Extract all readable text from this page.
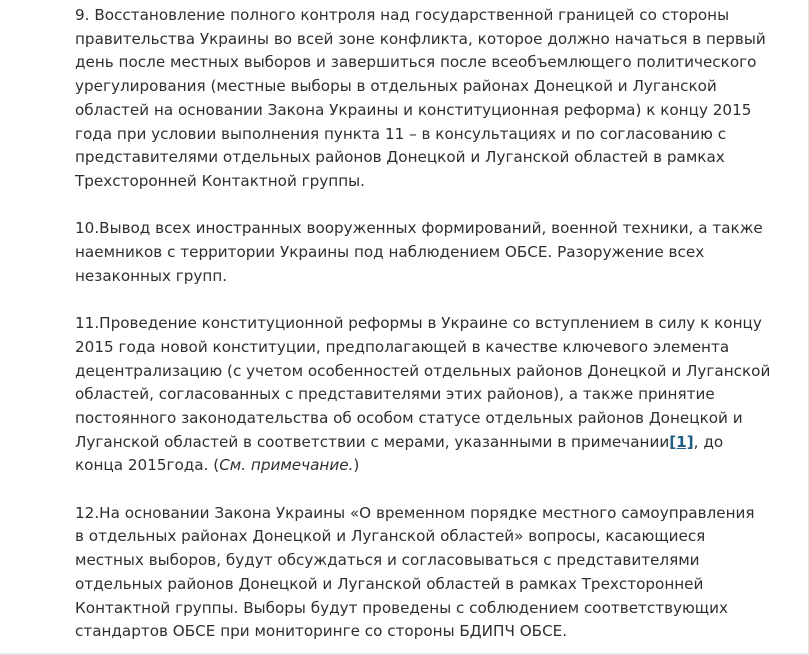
9. Восстановление полного контроля над государственной границей со стороны
правительства Украины во всей зоне конфликта, которое должно начаться в первый
день после местных выборов и завершиться после всеобъемлющего политического
урегулирования (местные выборы в отдельных районах Донецкой и Луганской
областей на основании Закона Украины и конституционная реформа) к концу 2015
года при условии выполнения пункта 11 – в консультациях и по согласованию с
представителями отдельных районов Донецкой и Луганской областей в рамках
Трехсторонней Контактной группы.
10.Вывод всех иностранных вооруженных формирований, военной техники, а также
наемников с территории Украины под наблюдением ОБСЕ. Разоружение всех
незаконных групп.
11.Проведение конституционной реформы в Украине со вступлением в силу к концу
2015 года новой конституции, предполагающей в качестве ключевого элемента
децентрализацию (с учетом особенностей отдельных районов Донецкой и Луганской
областей, согласованных с представителями этих районов), а также принятие
постоянного законодательства об особом статусе отдельных районов Донецкой и
Луганской областей в соответствии с мерами, указанными в примечании[1], до
конца 2015года. (См. примечание.)
12.На основании Закона Украины «О временном порядке местного самоуправления
в отдельных районах Донецкой и Луганской областей» вопросы, касающиеся
местных выборов, будут обсуждаться и согласовываться с представителями
отдельных районов Донецкой и Луганской областей в рамках Трехсторонней
Контактной группы. Выборы будут проведены с соблюдением соответствующих
стандартов ОБСЕ при мониторинге со стороны БДИПЧ ОБСЕ.
